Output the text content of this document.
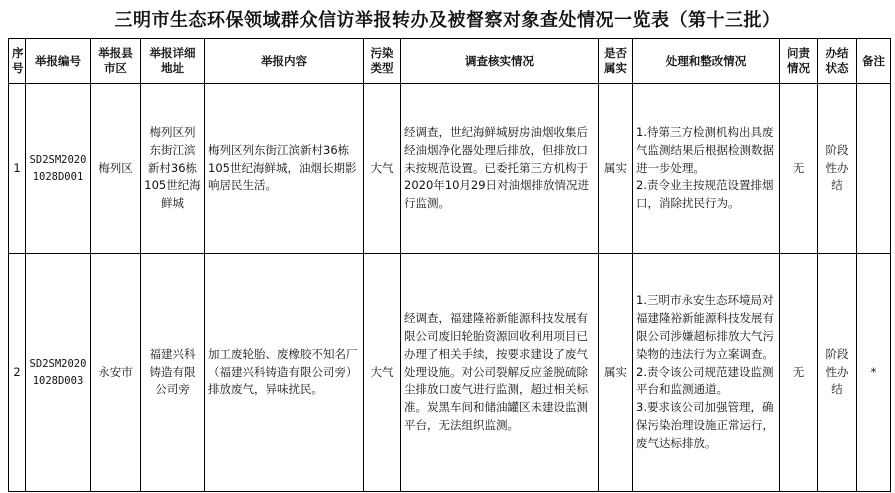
三明市生态环保领域群众信访举报转办及被督察对象查处情况一览表（第十三批）
序号	举报编号	举报县市区	举报详细地址	举报内容	污染类型	调查核实情况	是否属实	处理和整改情况	问责情况	办结状态	备注
1	SD2SM20201028D001	梅列区	梅列区列东街江滨新村36栋105世纪海鲜城	梅列区列东街江滨新村36栋105世纪海鲜城，油烟长期影响居民生活。	大气	经调查，世纪海鲜城厨房油烟收集后经油烟净化器处理后排放，但排放口未按规范设置。已委托第三方机构于2020年10月29日对油烟排放情况进行监测。	属实	1.待第三方检测机构出具废气监测结果后根据检测数据进一步处理。
2.责令业主按规范设置排烟口，消除扰民行为。	无	阶段性办结	
2	SD2SM20201028D003	永安市	福建兴科铸造有限公司旁	加工废轮胎、废橡胶不知名厂（福建兴科铸造有限公司旁）排放废气，异味扰民。	大气	经调查，福建隆裕新能源科技发展有限公司废旧轮胎资源回收利用项目已办理了相关手续，按要求建设了废气处理设施。对公司裂解反应釜脱硫除尘排放口废气进行监测，超过相关标准。炭黑车间和储油罐区未建设监测平台，无法组织监测。	属实	1.三明市永安生态环境局对福建隆裕新能源科技发展有限公司涉嫌超标排放大气污染物的违法行为立案调查。
2.责令该公司规范建设监测平台和监测通道。
3.要求该公司加强管理，确保污染治理设施正常运行，废气达标排放。	无	阶段性办结	*
